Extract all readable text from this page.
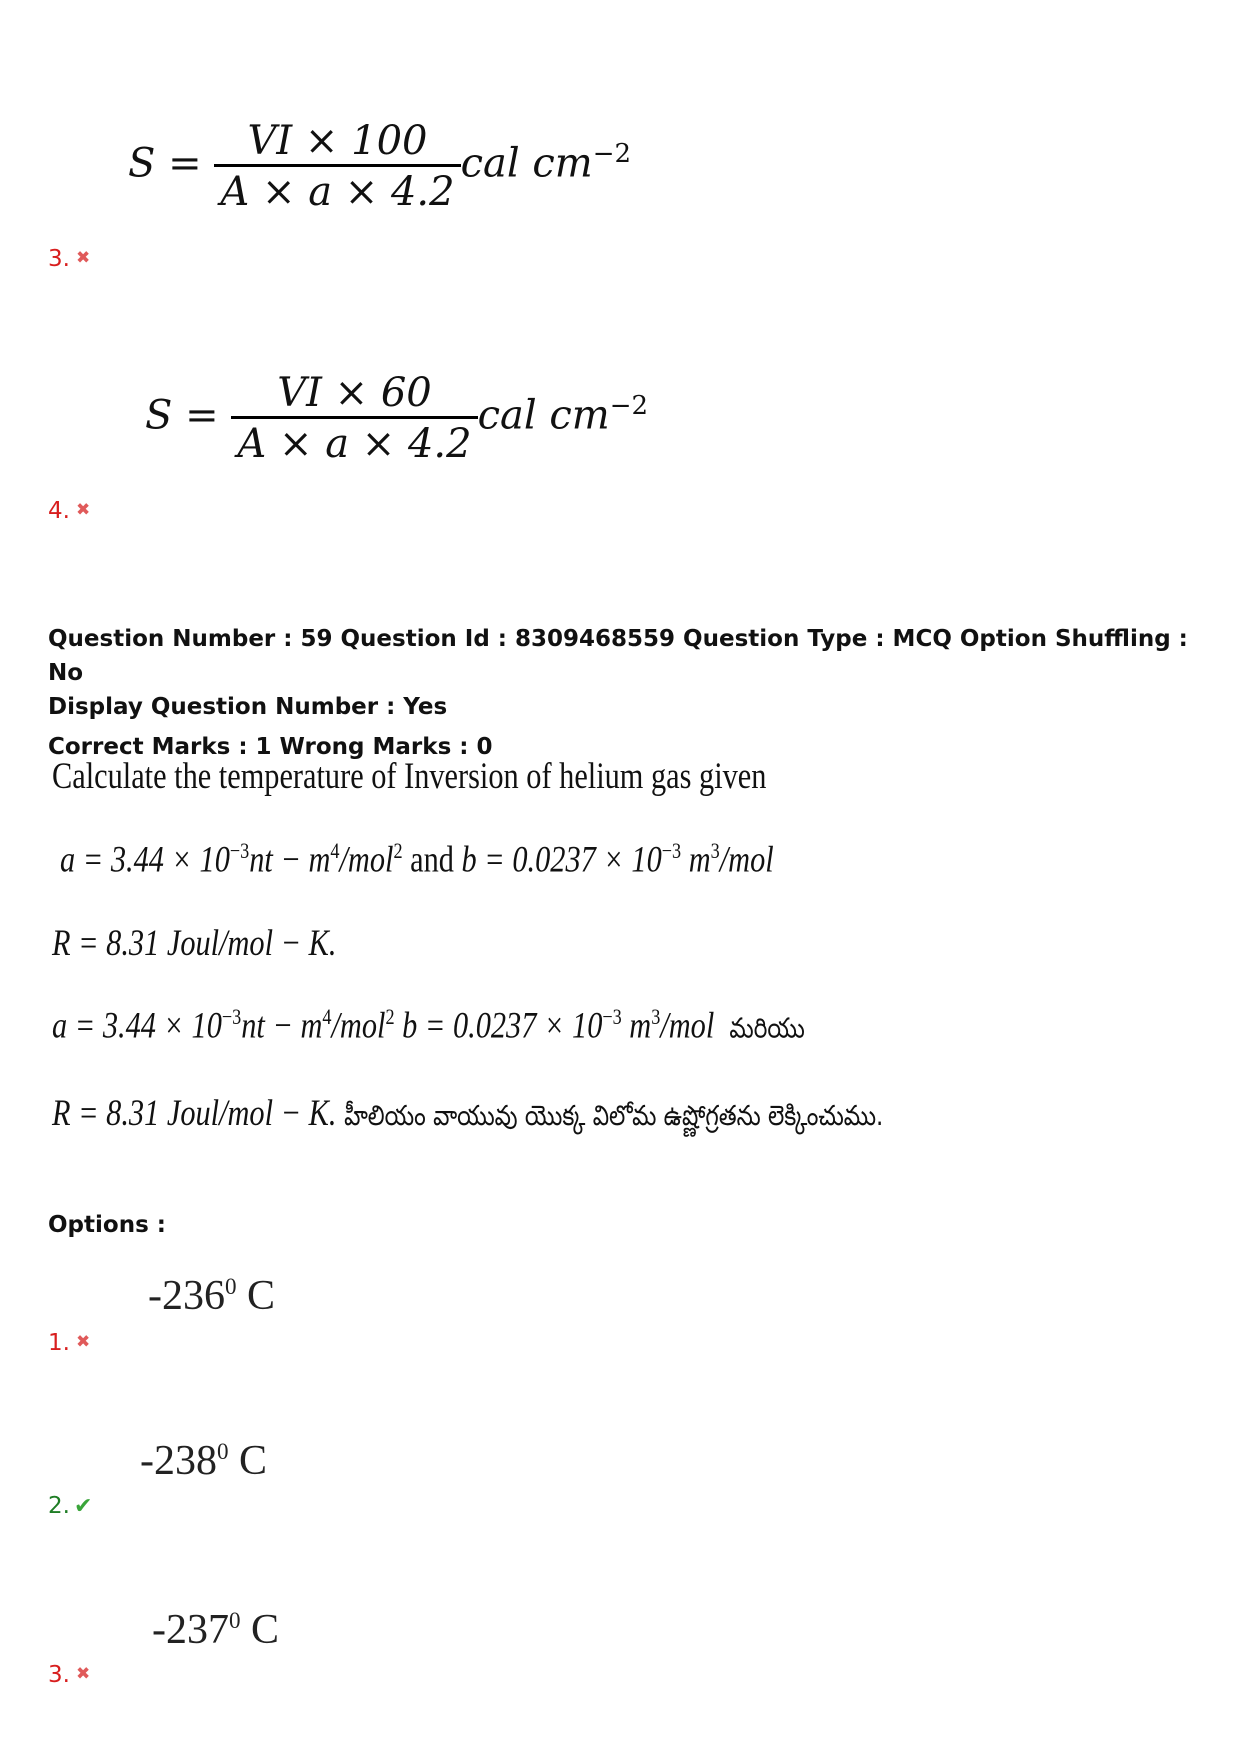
$S = \frac{VI \times 100}{A \times a \times 4.2}$ cal $cm^{-2}$
3. ✖
$S = \frac{VI \times 60}{A \times a \times 4.2}$ cal $cm^{-2}$
4. ✖
Question Number : 59 Question Id : 8309468559 Question Type : MCQ Option Shuffling : No
Display Question Number : Yes
Correct Marks : 1 Wrong Marks : 0
Calculate the temperature of Inversion of helium gas given
$a = 3.44 \times 10^{-3}nt - m^4/mol^2$ and $b = 0.0237 \times 10^{-3}$ $m^3$/mol
R = 8.31 Joul/mol − K.
$a = 3.44 \times 10^{-3}nt - m^4/mol^2$ $b = 0.0237 \times 10^{-3}$ $m^3$/mol మరియు
R = 8.31 Joul/mol − K. హీలియం వాయువు యొక్క విలోమ ఉష్ణోగ్రతను లెక్కించుము.
Options :
$-236^0$ C
1. ✖
$-238^0$ C
2. ✔
$-237^0$ C
3. ✖
